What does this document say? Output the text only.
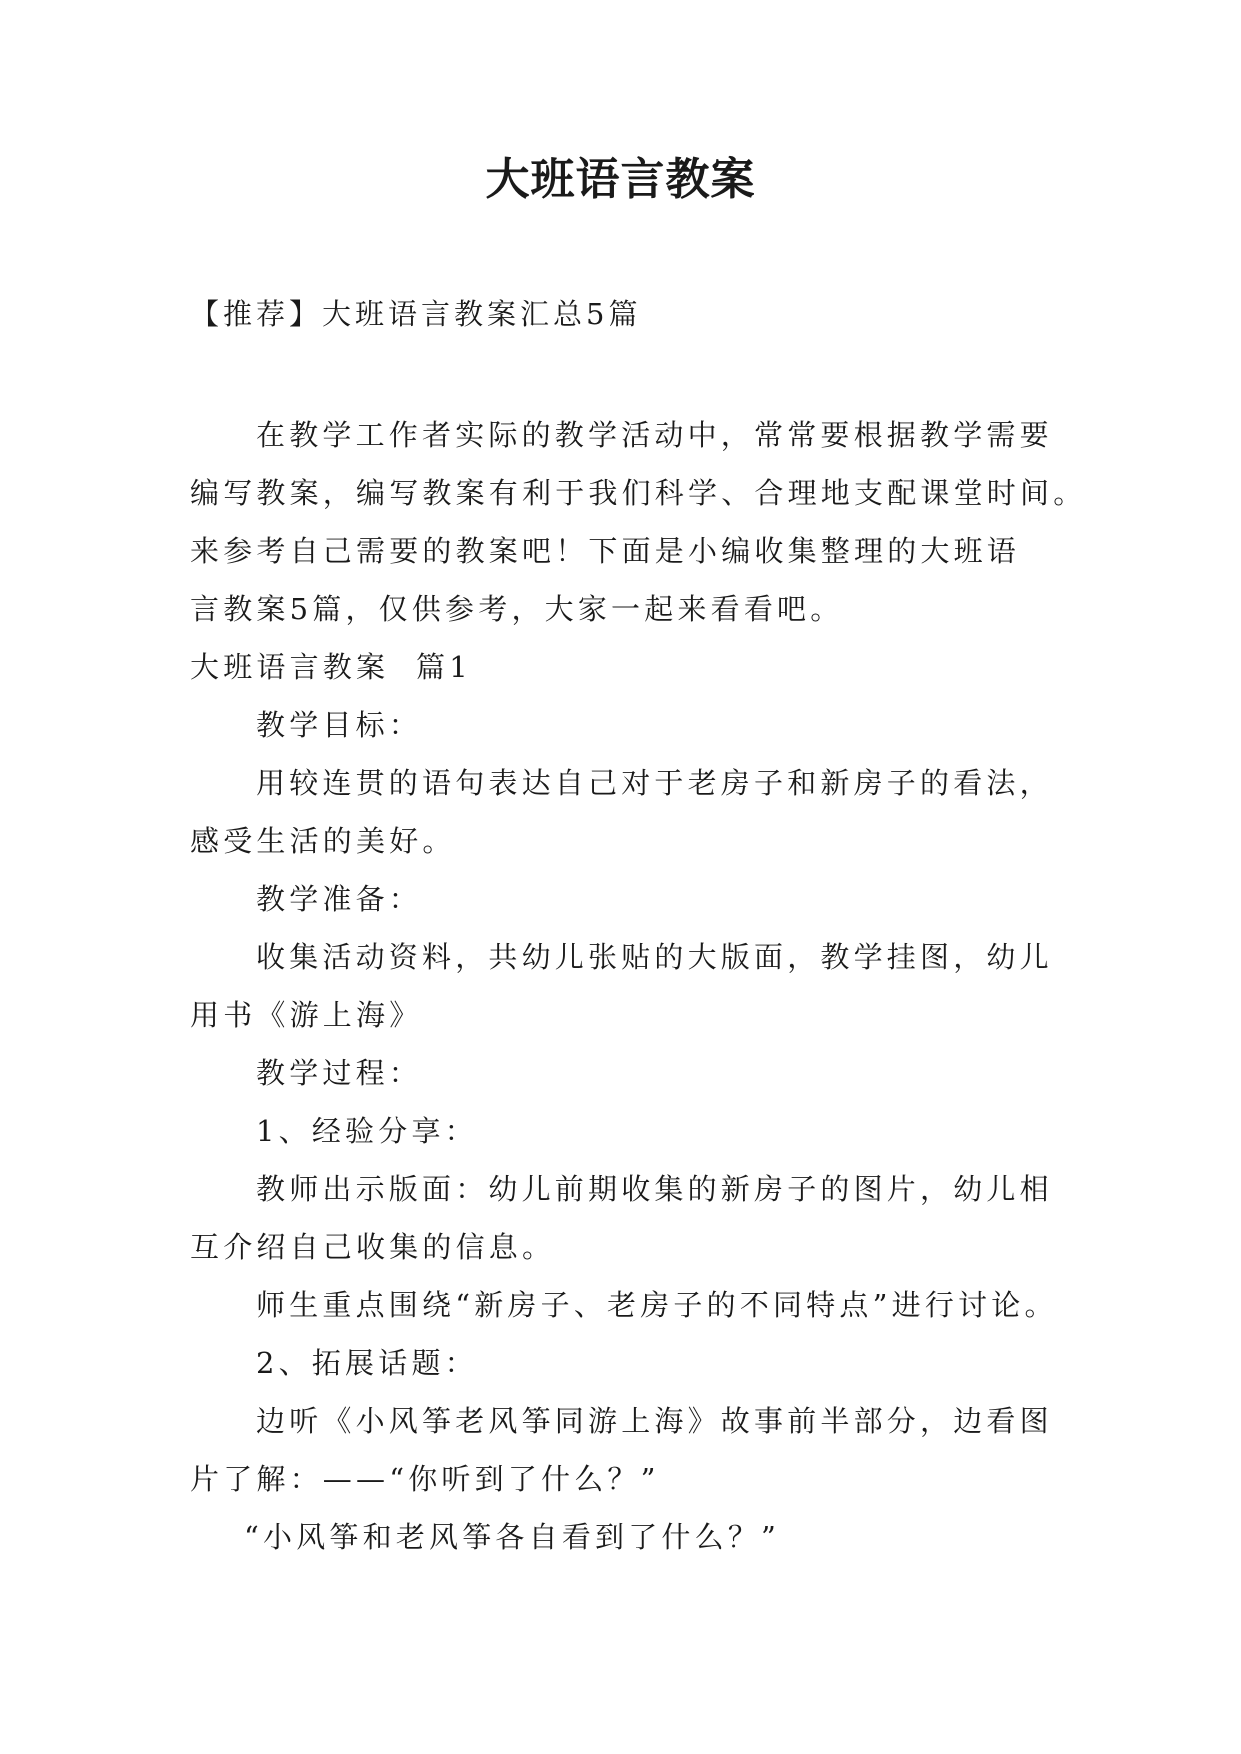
大班语言教案
【推荐】大班语言教案汇总5篇
在教学工作者实际的教学活动中，常常要根据教学需要
编写教案，编写教案有利于我们科学、合理地支配课堂时间。
来参考自己需要的教案吧！下面是小编收集整理的大班语
言教案5篇，仅供参考，大家一起来看看吧。
大班语言教案  篇1
教学目标：
用较连贯的语句表达自己对于老房子和新房子的看法，
感受生活的美好。
教学准备：
收集活动资料，共幼儿张贴的大版面，教学挂图，幼儿
用书《游上海》
教学过程：
1、经验分享：
教师出示版面：幼儿前期收集的新房子的图片，幼儿相
互介绍自己收集的信息。
师生重点围绕“新房子、老房子的不同特点”进行讨论。
2、拓展话题：
边听《小风筝老风筝同游上海》故事前半部分，边看图
片了解：——“你听到了什么？”
“小风筝和老风筝各自看到了什么？”
